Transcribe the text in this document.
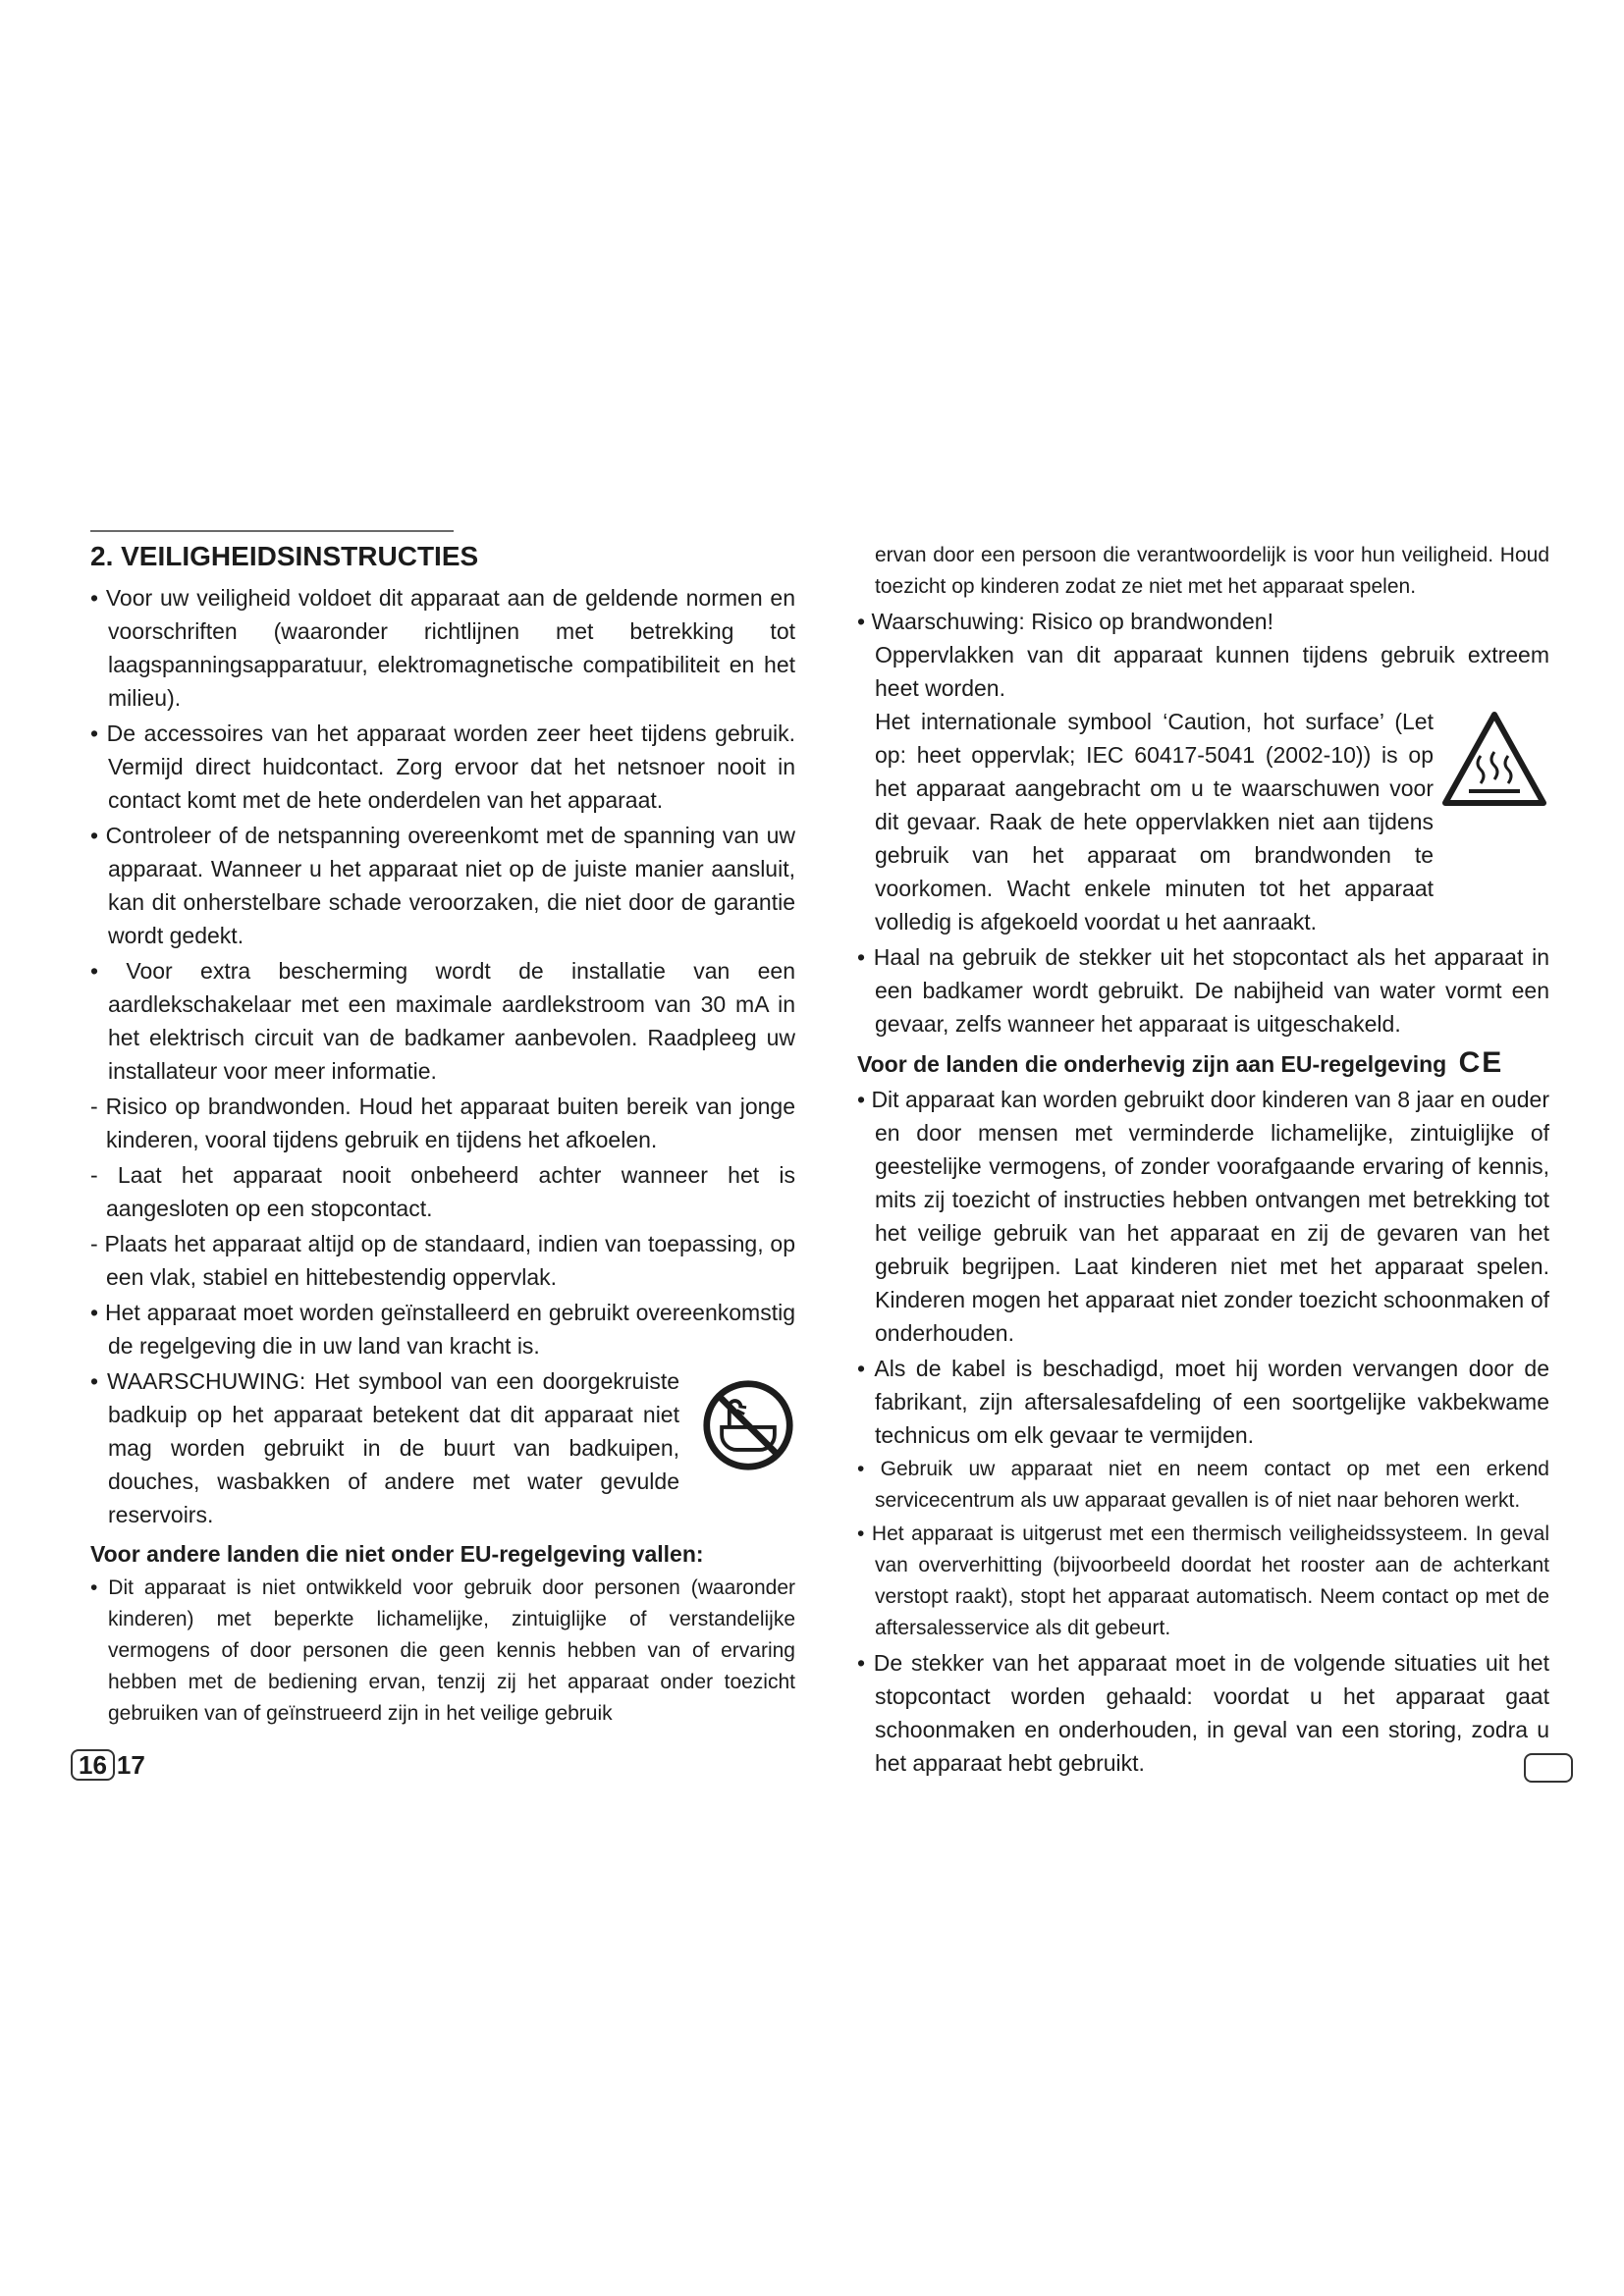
2. VEILIGHEIDSINSTRUCTIES
• Voor uw veiligheid voldoet dit apparaat aan de geldende normen en voorschriften (waaronder richtlijnen met betrekking tot laagspanningsapparatuur, elektromagnetische compatibiliteit en het milieu).
• De accessoires van het apparaat worden zeer heet tijdens gebruik. Vermijd direct huidcontact. Zorg ervoor dat het netsnoer nooit in contact komt met de hete onderdelen van het apparaat.
• Controleer of de netspanning overeenkomt met de spanning van uw apparaat. Wanneer u het apparaat niet op de juiste manier aansluit, kan dit onherstelbare schade veroorzaken, die niet door de garantie wordt gedekt.
• Voor extra bescherming wordt de installatie van een aardlekschakelaar met een maximale aardlekstroom van 30 mA in het elektrisch circuit van de badkamer aanbevolen. Raadpleeg uw installateur voor meer informatie.
- Risico op brandwonden. Houd het apparaat buiten bereik van jonge kinderen, vooral tijdens gebruik en tijdens het afkoelen.
- Laat het apparaat nooit onbeheerd achter wanneer het is aangesloten op een stopcontact.
- Plaats het apparaat altijd op de standaard, indien van toepassing, op een vlak, stabiel en hittebestendig oppervlak.
• Het apparaat moet worden geïnstalleerd en gebruikt overeenkomstig de regelgeving die in uw land van kracht is.
• WAARSCHUWING: Het symbool van een doorgekruiste badkuip op het apparaat betekent dat dit apparaat niet mag worden gebruikt in de buurt van badkuipen, douches, wasbakken of andere met water gevulde reservoirs.
Voor andere landen die niet onder EU-regelgeving vallen:
• Dit apparaat is niet ontwikkeld voor gebruik door personen (waaronder kinderen) met beperkte lichamelijke, zintuiglijke of verstandelijke vermogens of door personen die geen kennis hebben van of ervaring hebben met de bediening ervan, tenzij zij het apparaat onder toezicht gebruiken van of geïnstrueerd zijn in het veilige gebruik
ervan door een persoon die verantwoordelijk is voor hun veiligheid. Houd toezicht op kinderen zodat ze niet met het apparaat spelen.
• Waarschuwing: Risico op brandwonden!
Oppervlakken van dit apparaat kunnen tijdens gebruik extreem heet worden.
Het internationale symbool ‘Caution, hot surface’ (Let op: heet oppervlak; IEC 60417-5041 (2002-10)) is op het apparaat aangebracht om u te waarschuwen voor dit gevaar. Raak de hete oppervlakken niet aan tijdens gebruik van het apparaat om brandwonden te voorkomen. Wacht enkele minuten tot het apparaat volledig is afgekoeld voordat u het aanraakt.
• Haal na gebruik de stekker uit het stopcontact als het apparaat in een badkamer wordt gebruikt. De nabijheid van water vormt een gevaar, zelfs wanneer het apparaat is uitgeschakeld.
Voor de landen die onderhevig zijn aan EU-regelgeving CE
• Dit apparaat kan worden gebruikt door kinderen van 8 jaar en ouder en door mensen met verminderde lichamelijke, zintuiglijke of geestelijke vermogens, of zonder voorafgaande ervaring of kennis, mits zij toezicht of instructies hebben ontvangen met betrekking tot het veilige gebruik van het apparaat en zij de gevaren van het gebruik begrijpen. Laat kinderen niet met het apparaat spelen. Kinderen mogen het apparaat niet zonder toezicht schoonmaken of onderhouden.
• Als de kabel is beschadigd, moet hij worden vervangen door de fabrikant, zijn aftersalesafdeling of een soortgelijke vakbekwame technicus om elk gevaar te vermijden.
• Gebruik uw apparaat niet en neem contact op met een erkend servicecentrum als uw apparaat gevallen is of niet naar behoren werkt.
• Het apparaat is uitgerust met een thermisch veiligheidssysteem. In geval van oververhitting (bijvoorbeeld doordat het rooster aan de achterkant verstopt raakt), stopt het apparaat automatisch. Neem contact op met de aftersalesservice als dit gebeurt.
• De stekker van het apparaat moet in de volgende situaties uit het stopcontact worden gehaald: voordat u het apparaat gaat schoonmaken en onderhouden, in geval van een storing, zodra u het apparaat hebt gebruikt.
16 17
